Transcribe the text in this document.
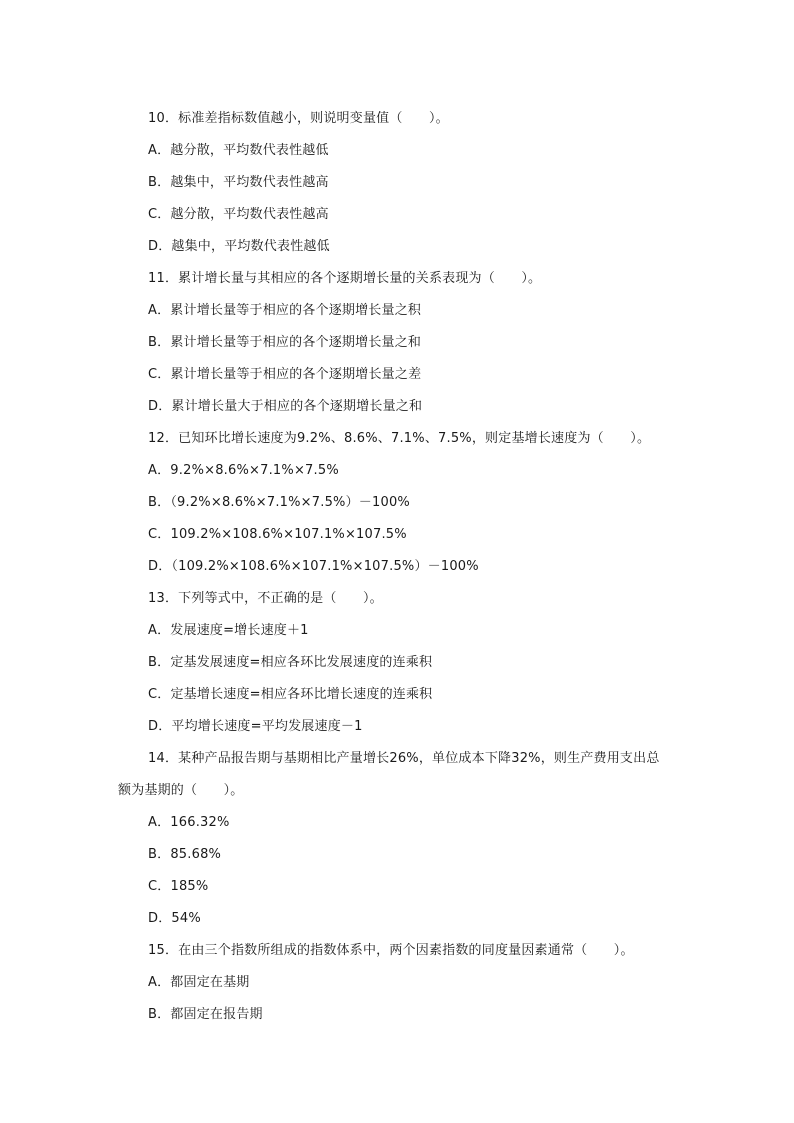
10．标准差指标数值越小，则说明变量值（　　）。
A．越分散，平均数代表性越低
B．越集中，平均数代表性越高
C．越分散，平均数代表性越高
D．越集中，平均数代表性越低
11．累计增长量与其相应的各个逐期增长量的关系表现为（　　）。
A．累计增长量等于相应的各个逐期增长量之积
B．累计增长量等于相应的各个逐期增长量之和
C．累计增长量等于相应的各个逐期增长量之差
D．累计增长量大于相应的各个逐期增长量之和
12．已知环比增长速度为9.2%、8.6%、7.1%、7.5%，则定基增长速度为（　　）。
A．9.2%×8.6%×7.1%×7.5%
B．（9.2%×8.6%×7.1%×7.5%）－100%
C．109.2%×108.6%×107.1%×107.5%
D．（109.2%×108.6%×107.1%×107.5%）－100%
13．下列等式中，不正确的是（　　）。
A．发展速度=增长速度＋1
B．定基发展速度=相应各环比发展速度的连乘积
C．定基增长速度=相应各环比增长速度的连乘积
D．平均增长速度=平均发展速度－1
14．某种产品报告期与基期相比产量增长26%，单位成本下降32%，则生产费用支出总
额为基期的（　　）。
A．166.32%
B．85.68%
C．185%
D．54%
15．在由三个指数所组成的指数体系中，两个因素指数的同度量因素通常（　　）。
A．都固定在基期
B．都固定在报告期
